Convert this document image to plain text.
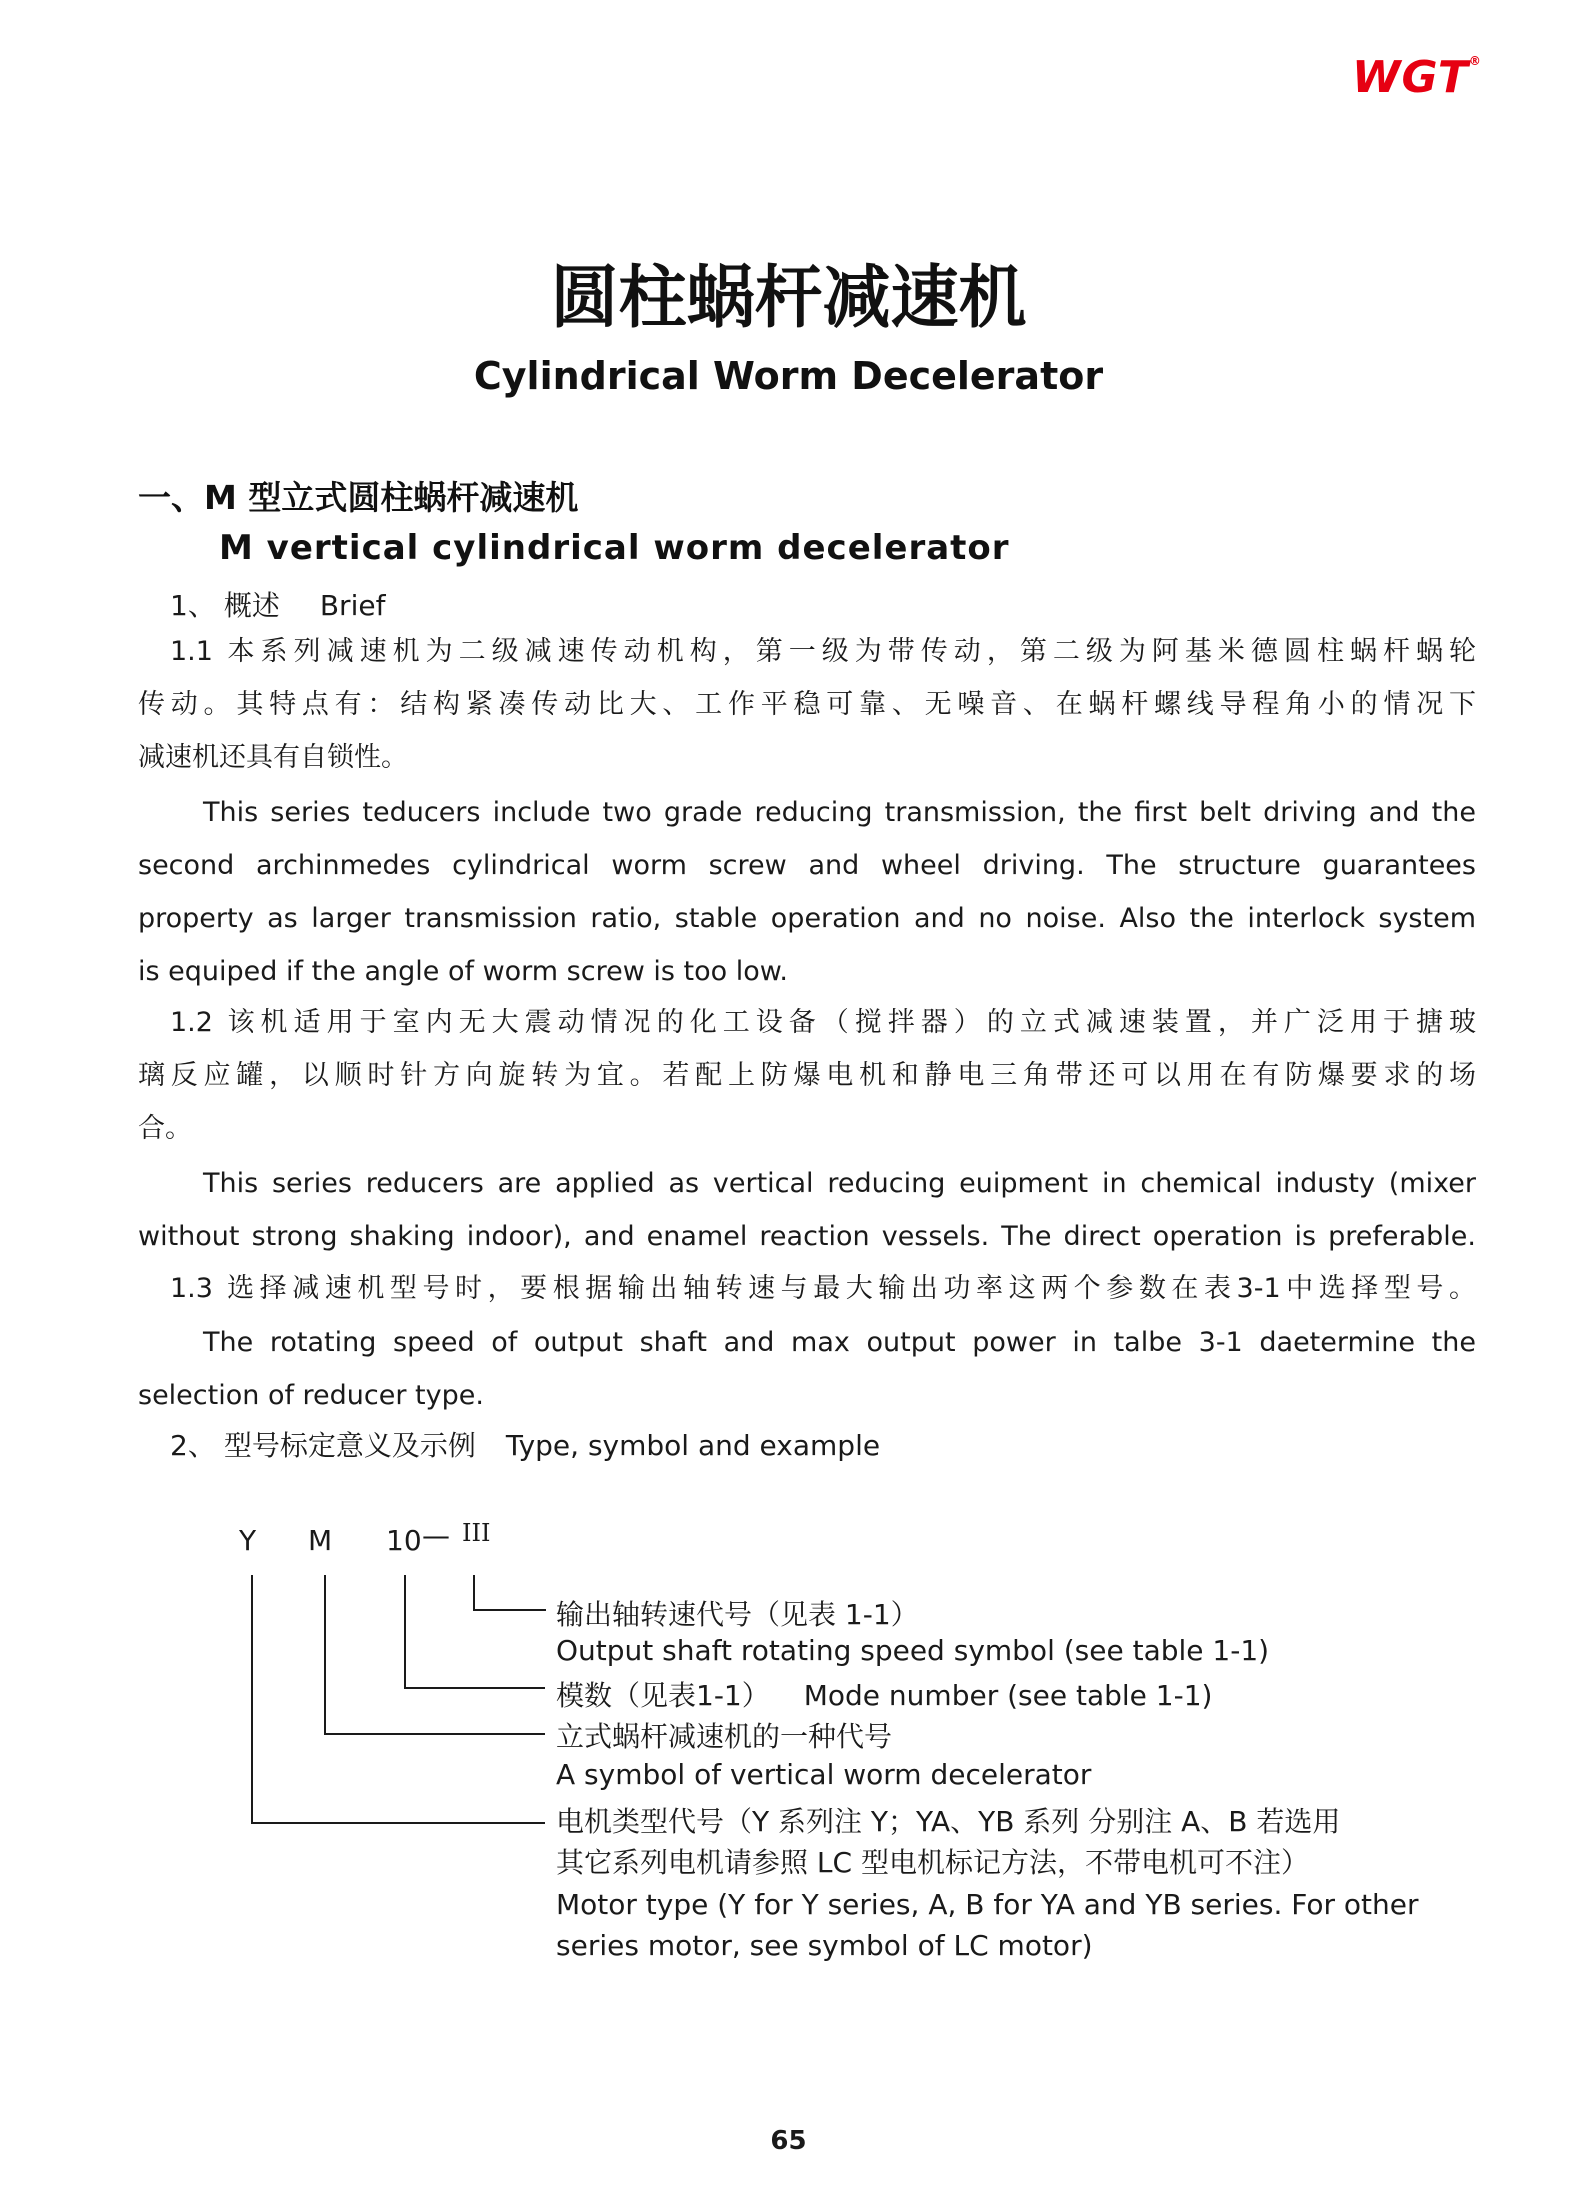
WGT®
圆柱蜗杆减速机
Cylindrical Worm Decelerator
一、M 型立式圆柱蜗杆减速机
M vertical cylindrical worm decelerator
1、 概述 Brief
1.1 本系列减速机为二级减速传动机构，第一级为带传动，第二级为阿基米德圆柱蜗杆蜗轮
传动。其特点有：结构紧凑传动比大、工作平稳可靠、无噪音、在蜗杆螺线导程角小的情况下
减速机还具有自锁性。
This series teducers include two grade reducing transmission, the first belt driving and the
second archinmedes cylindrical worm screw and wheel driving. The structure guarantees
property as larger transmission ratio, stable operation and no noise. Also the interlock system
is equiped if the angle of worm screw is too low.
1.2 该机适用于室内无大震动情况的化工设备（搅拌器）的立式减速装置，并广泛用于搪玻
璃反应罐，以顺时针方向旋转为宜。若配上防爆电机和静电三角带还可以用在有防爆要求的场
合。
This series reducers are applied as vertical reducing euipment in chemical industy (mixer
without strong shaking indoor), and enamel reaction vessels. The direct operation is preferable.
1.3 选择减速机型号时，要根据输出轴转速与最大输出功率这两个参数在表3-1中选择型号。
The rotating speed of output shaft and max output power in talbe 3-1 daetermine the
selection of reducer type.
2、 型号标定意义及示例 Type, symbol and example
Y M 10 — III
输出轴转速代号（见表 1-1）
Output shaft rotating speed symbol (see table 1-1)
模数（见表1-1） Mode number (see table 1-1)
立式蜗杆减速机的一种代号
A symbol of vertical worm decelerator
电机类型代号（Y 系列注 Y；YA、YB 系列 分别注 A、B 若选用
其它系列电机请参照 LC 型电机标记方法，不带电机可不注）
Motor type (Y for Y series, A, B for YA and YB series. For other
series motor, see symbol of LC motor)
65
